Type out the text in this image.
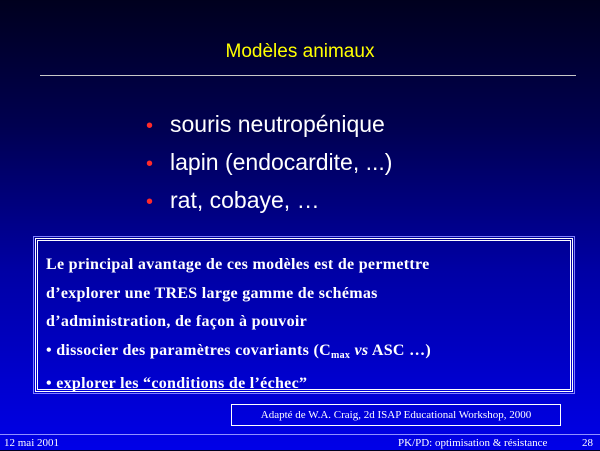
Modèles animaux
• souris neutropénique
• lapin (endocardite, ...)
• rat, cobaye, …
Le principal avantage de ces modèles est de permettre
d’explorer une TRES large gamme de schémas
d’administration, de façon à pouvoir
• dissocier des paramètres covariants ($C_{max}$ vs ASC …)
• explorer les “conditions de l’échec”
Adapté de W.A. Craig, 2d ISAP Educational Workshop, 2000
12 mai 2001	PK/PD: optimisation & résistance	28
